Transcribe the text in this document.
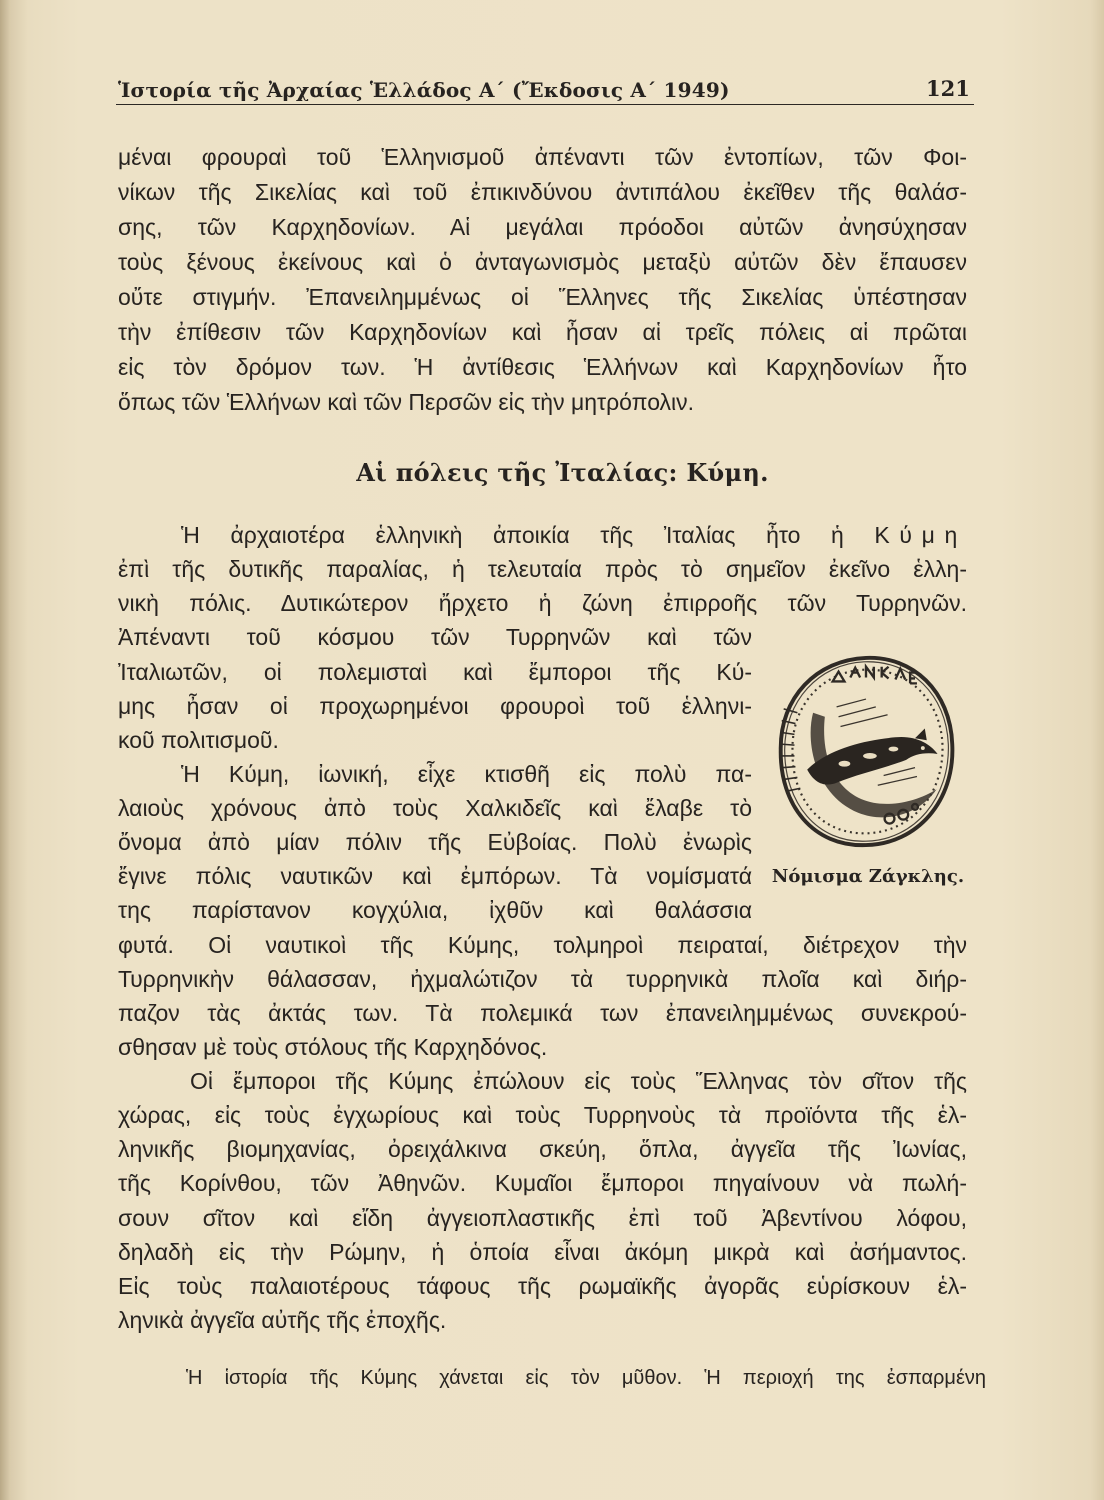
Ἱστορία τῆς Ἀρχαίας Ἑλλάδος Α΄ (Ἔκδοσις Α΄ 1949)	121
μέναι φρουραὶ τοῦ Ἑλληνισμοῦ ἀπέναντι τῶν ἐντοπίων, τῶν Φοι-
νίκων τῆς Σικελίας καὶ τοῦ ἐπικινδύνου ἀντιπάλου ἐκεῖθεν τῆς θαλάσ-
σης, τῶν Καρχηδονίων. Αἱ μεγάλαι πρόοδοι αὐτῶν ἀνησύχησαν
τοὺς ξένους ἐκείνους καὶ ὁ ἀνταγωνισμὸς μεταξὺ αὐτῶν δὲν ἔπαυσεν
οὔτε στιγμήν. Ἐπανειλημμένως οἱ Ἕλληνες τῆς Σικελίας ὑπέστησαν
τὴν ἐπίθεσιν τῶν Καρχηδονίων καὶ ἦσαν αἱ τρεῖς πόλεις αἱ πρῶται
εἰς τὸν δρόμον των. Ἡ ἀντίθεσις Ἑλλήνων καὶ Καρχηδονίων ἦτο
ὅπως τῶν Ἑλλήνων καὶ τῶν Περσῶν εἰς τὴν μητρόπολιν.
Αἱ πόλεις τῆς Ἰταλίας: Κύμη.
Ἡ ἀρχαιοτέρα ἑλληνικὴ ἀποικία τῆς Ἰταλίας ἦτο ἡ Κύμη
ἐπὶ τῆς δυτικῆς παραλίας, ἡ τελευταία πρὸς τὸ σημεῖον ἐκεῖνο ἑλλη-
νικὴ πόλις. Δυτικώτερον ἤρχετο ἡ ζώνη ἐπιρροῆς τῶν Τυρρηνῶν.
Ἀπέναντι τοῦ κόσμου τῶν Τυρρηνῶν καὶ τῶν
Ἰταλιωτῶν, οἱ πολεμισταὶ καὶ ἔμποροι τῆς Κύ-
μης ἦσαν οἱ προχωρημένοι φρουροὶ τοῦ ἑλληνι-
κοῦ πολιτισμοῦ.
Ἡ Κύμη, ἰωνική, εἶχε κτισθῆ εἰς πολὺ πα-
λαιοὺς χρόνους ἀπὸ τοὺς Χαλκιδεῖς καὶ ἔλαβε τὸ
ὄνομα ἀπὸ μίαν πόλιν τῆς Εὐβοίας. Πολὺ ἐνωρὶς
ἔγινε πόλις ναυτικῶν καὶ ἐμπόρων. Τὰ νομίσματά
της παρίστανον κογχύλια, ἰχθῦν καὶ θαλάσσια
φυτά. Οἱ ναυτικοὶ τῆς Κύμης, τολμηροὶ πειραταί, διέτρεχον τὴν
Τυρρηνικὴν θάλασσαν, ἠχμαλώτιζον τὰ τυρρηνικὰ πλοῖα καὶ διήρ-
παζον τὰς ἀκτάς των. Τὰ πολεμικά των ἐπανειλημμένως συνεκρού-
σθησαν μὲ τοὺς στόλους τῆς Καρχηδόνος.
Οἱ ἔμποροι τῆς Κύμης ἐπώλουν εἰς τοὺς Ἕλληνας τὸν σῖτον τῆς
χώρας, εἰς τοὺς ἐγχωρίους καὶ τοὺς Τυρρηνοὺς τὰ προϊόντα τῆς ἑλ-
ληνικῆς βιομηχανίας, ὀρειχάλκινα σκεύη, ὅπλα, ἀγγεῖα τῆς Ἰωνίας,
τῆς Κορίνθου, τῶν Ἀθηνῶν. Κυμαῖοι ἔμποροι πηγαίνουν νὰ πωλή-
σουν σῖτον καὶ εἴδη ἀγγειοπλαστικῆς ἐπὶ τοῦ Ἀβεντίνου λόφου,
δηλαδὴ εἰς τὴν Ρώμην, ἡ ὁποία εἶναι ἀκόμη μικρὰ καὶ ἀσήμαντος.
Εἰς τοὺς παλαιοτέρους τάφους τῆς ρωμαϊκῆς ἀγορᾶς εὑρίσκουν ἑλ-
ληνικὰ ἀγγεῖα αὐτῆς τῆς ἐποχῆς.
Νόμισμα Ζάγκλης.
Ἡ ἱστορία τῆς Κύμης χάνεται εἰς τὸν μῦθον. Ἡ περιοχή της ἐσπαρμένη
